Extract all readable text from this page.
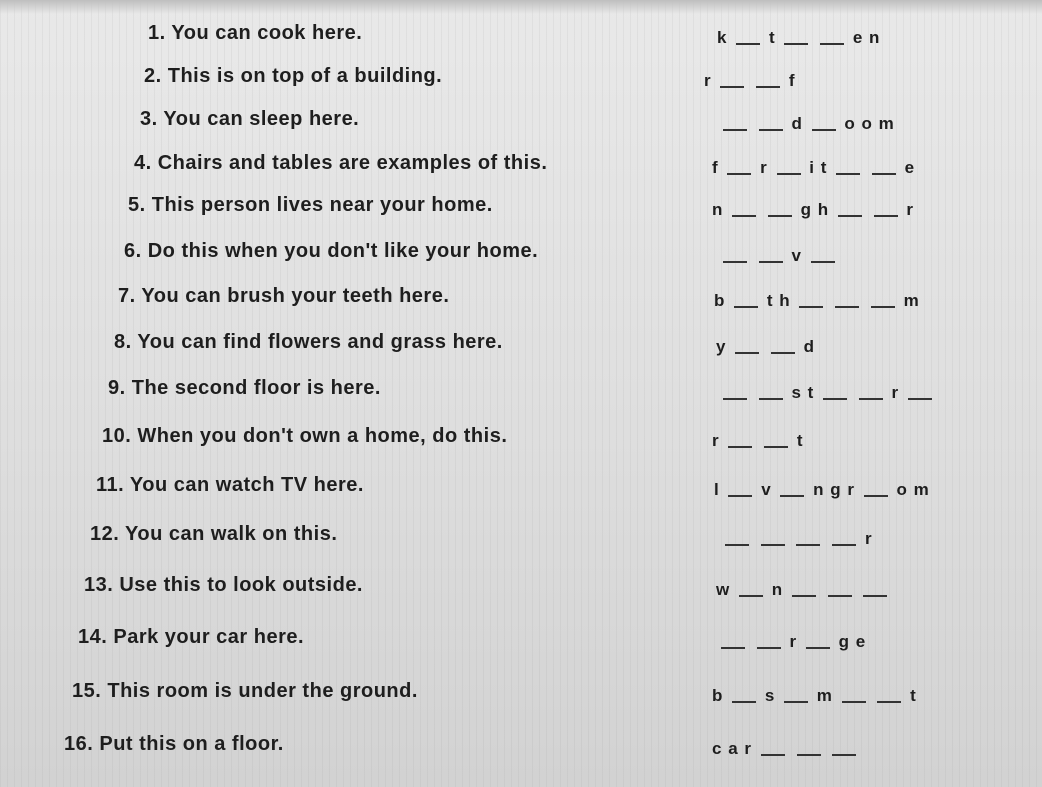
1. You can cook here.	k t	e n
2. This is on top of a building.	r	f
3. You can sleep here.	d o o m
4. Chairs and tables are examples of this.	f r i t	e
5. This person lives near your home.	n	g h	r
6. Do this when you don't like your home.	v
7. You can brush your teeth here.	b t h	m
8. You can find flowers and grass here.	y	d
9. The second floor is here.	s t	r
10. When you don't own a home, do this.	r	t
11. You can watch TV here.	l v n g r o m
12. You can walk on this.	r
13. Use this to look outside.	w n
14. Park your car here.	r g e
15. This room is under the ground.	b s m	t
16. Put this on a floor.	c a r
